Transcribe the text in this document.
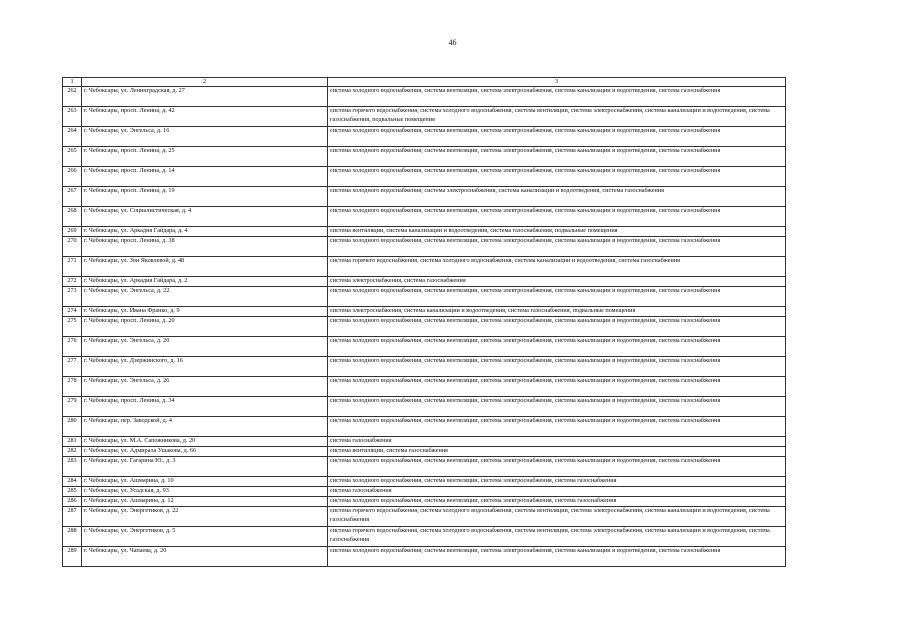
46
1	2	3
262	г. Чебоксары, ул. Ленинградская, д. 27	система холодного водоснабжения, система вентиляции, система электроснабжения, система канализации и водоотведения, система газоснабжения
263	г. Чебоксары, просп. Ленина, д. 42	система горячего водоснабжения, система холодного водоснабжения, система вентиляции, система электроснабжения, система канализации и водоотведения, система газоснабжения, подвальные помещения
264	г. Чебоксары, ул. Энгельса, д. 16	система холодного водоснабжения, система вентиляции, система электроснабжения, система канализации и водоотведения, система газоснабжения
265	г. Чебоксары, просп. Ленина, д. 25	система холодного водоснабжения, система вентиляции, система электроснабжения, система канализации и водоотведения, система газоснабжения
266	г. Чебоксары, просп. Ленина, д. 14	система холодного водоснабжения, система вентиляции, система электроснабжения, система канализации и водоотведения, система газоснабжения
267	г. Чебоксары, просп. Ленина, д. 19	система холодного водоснабжения, система электроснабжения, система канализации и водоотведения, система газоснабжения
268	г. Чебоксары, ул. Социалистическая, д. 4	система холодного водоснабжения, система вентиляции, система электроснабжения, система канализации и водоотведения, система газоснабжения
269	г. Чебоксары, ул. Аркадия Гайдара, д. 4	система вентиляции, система канализации и водоотведения, система газоснабжения, подвальные помещения
270	г. Чебоксары, просп. Ленина, д. 38	система холодного водоснабжения, система вентиляции, система электроснабжения, система канализации и водоотведения, система газоснабжения
271	г. Чебоксары, ул. Зои Яковлевой, д. 48	система горячего водоснабжения, система холодного водоснабжения, система канализации и водоотведения, система газоснабжения
272	г. Чебоксары, ул. Аркадия Гайдара, д. 2	система электроснабжения, система газоснабжения
273	г. Чебоксары, ул. Энгельса, д. 22	система холодного водоснабжения, система вентиляции, система электроснабжения, система канализации и водоотведения, система газоснабжения
274	г. Чебоксары, ул. Ивана Франко, д. 9	система электроснабжения, система канализации и водоотведения, система газоснабжения, подвальные помещения
275	г. Чебоксары, просп. Ленина, д. 20	система холодного водоснабжения, система вентиляции, система электроснабжения, система канализации и водоотведения, система газоснабжения
276	г. Чебоксары, ул. Энгельса, д. 20	система холодного водоснабжения, система вентиляции, система электроснабжения, система канализации и водоотведения, система газоснабжения
277	г. Чебоксары, ул. Дзержинского, д. 16	система холодного водоснабжения, система вентиляции, система электроснабжения, система канализации и водоотведения, система газоснабжения
278	г. Чебоксары, ул. Энгельса, д. 26	система холодного водоснабжения, система вентиляции, система электроснабжения, система канализации и водоотведения, система газоснабжения
279	г. Чебоксары, просп. Ленина, д. 34	система холодного водоснабжения, система вентиляции, система электроснабжения, система канализации и водоотведения, система газоснабжения
280	г. Чебоксары, пер. Заводской, д. 4	система холодного водоснабжения, система вентиляции, система электроснабжения, система канализации и водоотведения, система газоснабжения
281	г. Чебоксары, ул. М.А. Сапожникова, д. 20	система газоснабжения
282	г. Чебоксары, ул. Адмирала Ушакова, д. 66	система вентиляции, система газоснабжения
283	г. Чебоксары, ул. Гагарина Ю., д. 3	система холодного водоснабжения, система вентиляции, система электроснабжения, система канализации и водоотведения, система газоснабжения
284	г. Чебоксары, ул. Ашмарина, д. 10	система холодного водоснабжения, система вентиляции, система электроснабжения, система газоснабжения
285	г. Чебоксары, ул. Усадская, д. 93	система газоснабжения
286	г. Чебоксары, ул. Ашмарина, д. 12	система холодного водоснабжения, система вентиляции, система электроснабжения, система газоснабжения
287	г. Чебоксары, ул. Энергетиков, д. 22	система горячего водоснабжения, система холодного водоснабжения, система вентиляции, система электроснабжения, система канализации и водоотведения, система газоснабжения
288	г. Чебоксары, ул. Энергетиков, д. 5	система горячего водоснабжения, система холодного водоснабжения, система вентиляции, система электроснабжения, система канализации и водоотведения, система газоснабжения
289	г. Чебоксары, ул. Чапаева, д. 20	система холодного водоснабжения, система вентиляции, система электроснабжения, система канализации и водоотведения, система газоснабжения
